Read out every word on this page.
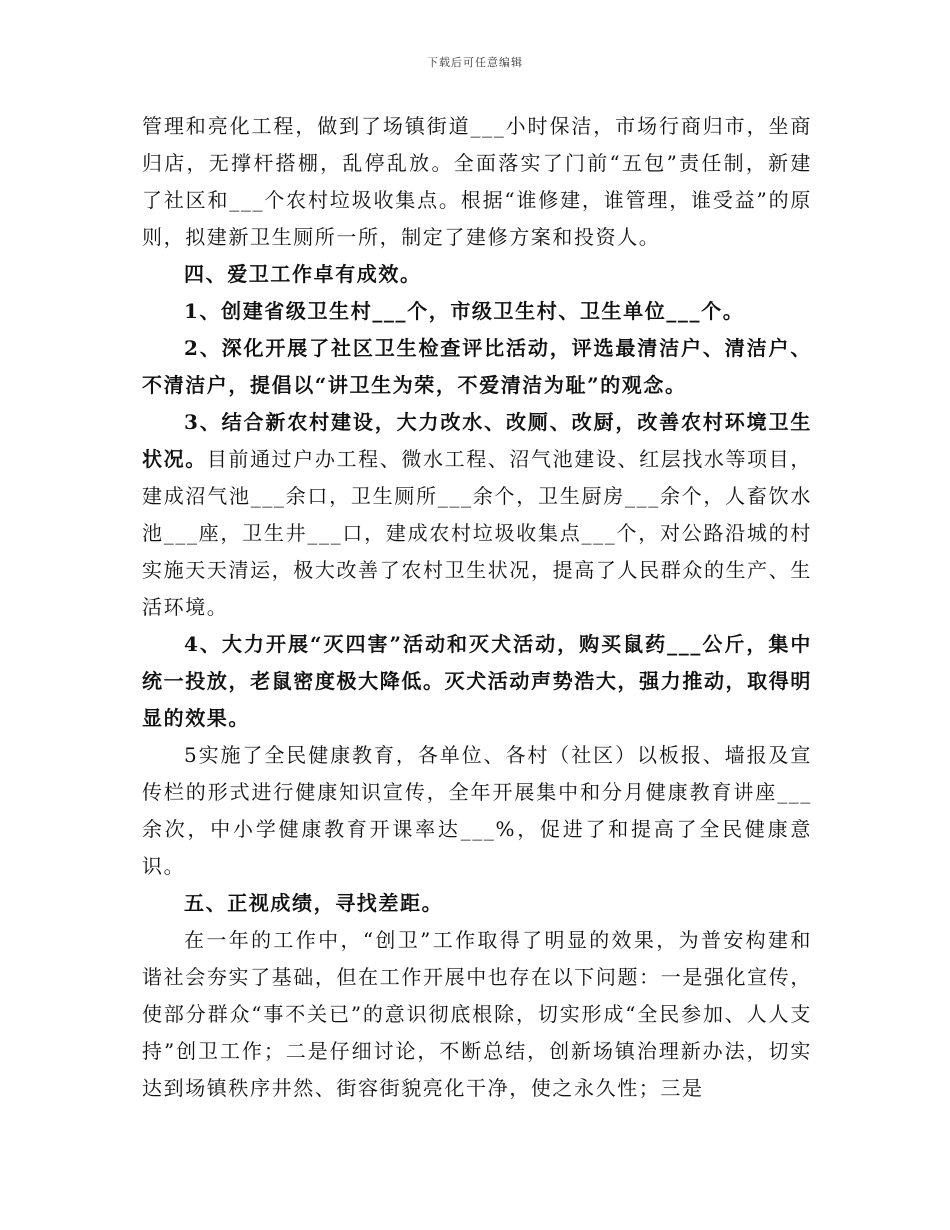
下载后可任意编辑

管理和亮化工程，做到了场镇街道___小时保洁，市场行商归市，坐商归店，无撑杆搭棚，乱停乱放。全面落实了门前“五包”责任制，新建了社区和___个农村垃圾收集点。根据“谁修建，谁管理，谁受益”的原则，拟建新卫生厕所一所，制定了建修方案和投资人。

四、爱卫工作卓有成效。

1、创建省级卫生村___个，市级卫生村、卫生单位___个。

2、深化开展了社区卫生检查评比活动，评选最清洁户、清洁户、不清洁户，提倡以“讲卫生为荣，不爱清洁为耻”的观念。

3、结合新农村建设，大力改水、改厕、改厨，改善农村环境卫生状况。目前通过户办工程、微水工程、沼气池建设、红层找水等项目，建成沼气池___余口，卫生厕所___余个，卫生厨房___余个，人畜饮水池___座，卫生井___口，建成农村垃圾收集点___个，对公路沿城的村实施天天清运，极大改善了农村卫生状况，提高了人民群众的生产、生活环境。

4、大力开展“灭四害”活动和灭犬活动，购买鼠药___公斤，集中统一投放，老鼠密度极大降低。灭犬活动声势浩大，强力推动，取得明显的效果。

5实施了全民健康教育，各单位、各村（社区）以板报、墙报及宣传栏的形式进行健康知识宣传，全年开展集中和分月健康教育讲座___余次，中小学健康教育开课率达___%，促进了和提高了全民健康意识。

五、正视成绩，寻找差距。

在一年的工作中，“创卫”工作取得了明显的效果，为普安构建和谐社会夯实了基础，但在工作开展中也存在以下问题：一是强化宣传，使部分群众“事不关已”的意识彻底根除，切实形成“全民参加、人人支持”创卫工作；二是仔细讨论，不断总结，创新场镇治理新办法，切实达到场镇秩序井然、街容街貌亮化干净，使之永久性；三是
